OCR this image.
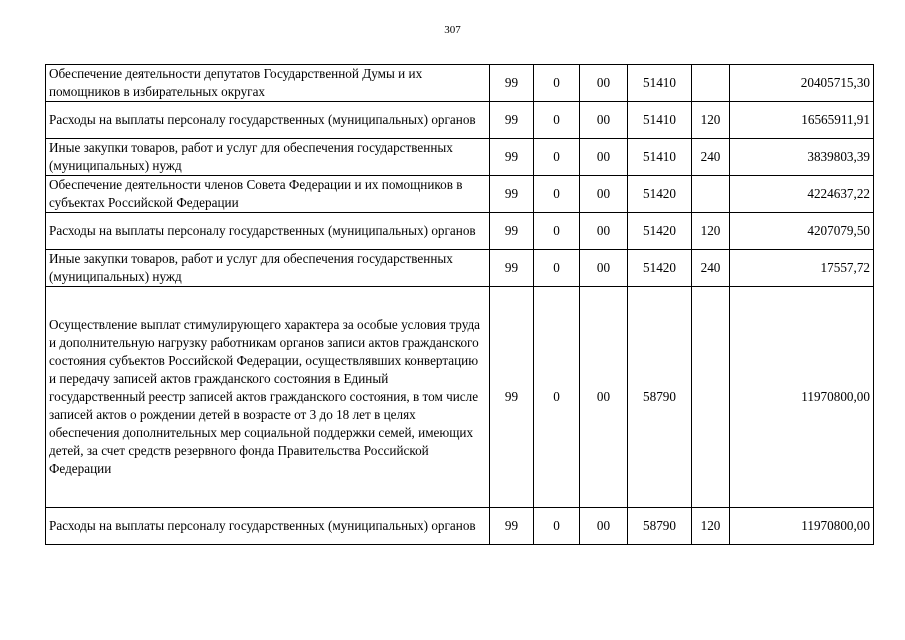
307
Обеспечение деятельности депутатов Государственной Думы и их помощников в избирательных округах	99	0	00	51410		20405715,30
Расходы на выплаты персоналу государственных (муниципальных) органов	99	0	00	51410	120	16565911,91
Иные закупки товаров, работ и услуг для обеспечения государственных (муниципальных) нужд	99	0	00	51410	240	3839803,39
Обеспечение деятельности членов Совета Федерации и их помощников в субъектах Российской Федерации	99	0	00	51420		4224637,22
Расходы на выплаты персоналу государственных (муниципальных) органов	99	0	00	51420	120	4207079,50
Иные закупки товаров, работ и услуг для обеспечения государственных (муниципальных) нужд	99	0	00	51420	240	17557,72
Осуществление выплат стимулирующего характера за особые условия труда и дополнительную нагрузку работникам органов записи актов гражданского состояния субъектов Российской Федерации, осуществлявших конвертацию и передачу записей актов гражданского состояния в Единый государственный реестр записей актов гражданского состояния, в том числе записей актов о рождении детей в возрасте от 3 до 18 лет в целях обеспечения дополнительных мер социальной поддержки семей, имеющих детей, за счет средств резервного фонда Правительства Российской Федерации	99	0	00	58790		11970800,00
Расходы на выплаты персоналу государственных (муниципальных) органов	99	0	00	58790	120	11970800,00
